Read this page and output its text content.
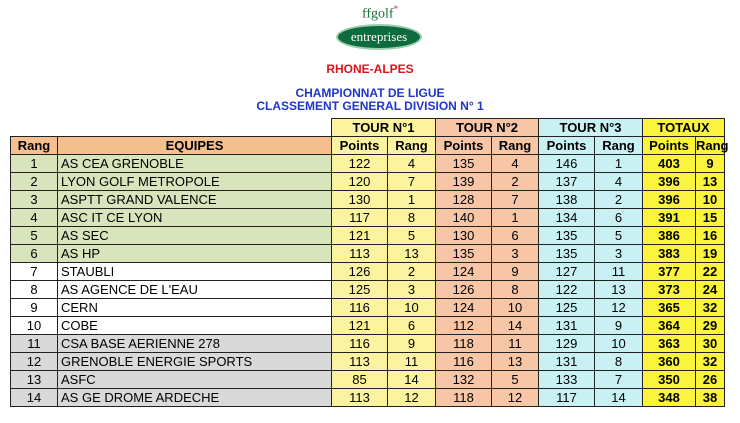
ffgolf*
entreprises
RHONE-ALPES
CHAMPIONNAT DE LIGUE
CLASSEMENT GENERAL DIVISION N° 1
		TOUR N°1		TOUR N°2		TOUR N°3		TOTAUX	
Rang	EQUIPES	Points	Rang	Points	Rang	Points	Rang	Points	Rang
1	AS CEA GRENOBLE	122	4	135	4	146	1	403	9
2	LYON GOLF METROPOLE	120	7	139	2	137	4	396	13
3	ASPTT GRAND VALENCE	130	1	128	7	138	2	396	10
4	ASC IT CE LYON	117	8	140	1	134	6	391	15
5	AS SEC	121	5	130	6	135	5	386	16
6	AS HP	113	13	135	3	135	3	383	19
7	STAUBLI	126	2	124	9	127	11	377	22
8	AS AGENCE DE L'EAU	125	3	126	8	122	13	373	24
9	CERN	116	10	124	10	125	12	365	32
10	COBE	121	6	112	14	131	9	364	29
11	CSA BASE AERIENNE 278	116	9	118	11	129	10	363	30
12	GRENOBLE ENERGIE SPORTS	113	11	116	13	131	8	360	32
13	ASFC	85	14	132	5	133	7	350	26
14	AS GE DROME ARDECHE	113	12	118	12	117	14	348	38
